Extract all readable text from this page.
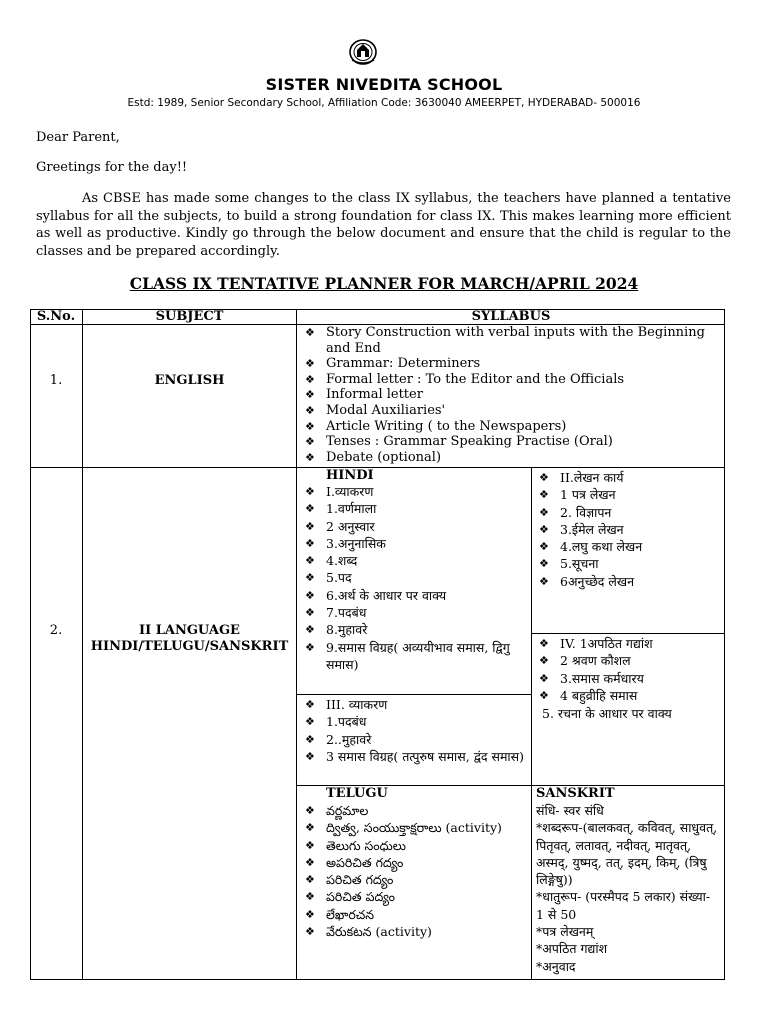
SISTER NIVEDITA SCHOOL
Estd: 1989, Senior Secondary School, Affiliation Code: 3630040 AMEERPET, HYDERABAD- 500016
Dear Parent,
Greetings for the day!!

As CBSE has made some changes to the class IX syllabus, the teachers have planned a tentative syllabus for all the subjects, to build a strong foundation for class IX. This makes learning more efficient as well as productive. Kindly go through the below document and ensure that the child is regular to the classes and be prepared accordingly.

CLASS IX TENTATIVE PLANNER FOR MARCH/APRIL 2024
S.No.	SUBJECT	SYLLABUS
1.	ENGLISH
❖ Story Construction with verbal inputs with the Beginning and End
❖ Grammar: Determiners
❖ Formal letter : To the Editor and the Officials
❖ Informal letter
❖ Modal Auxiliaries'
❖ Article Writing ( to the Newspapers)
❖ Tenses : Grammar Speaking Practise (Oral)
❖ Debate (optional)
2.	II LANGUAGE
HINDI/TELUGU/SANSKRIT
HINDI
❖ I.व्याकरण
❖ 1.वर्णमाला
❖ 2 अनुस्वार
❖ 3.अनुनासिक
❖ 4.शब्द
❖ 5.पद
❖ 6.अर्थ के आधार पर वाक्य
❖ 7.पदबंध
❖ 8.मुहावरे
❖ 9.समास विग्रह( अव्ययीभाव समास, द्विगु समास)
❖ II.लेखन कार्य
❖ 1 पत्र लेखन
❖ 2. विज्ञापन
❖ 3.ईमेल लेखन
❖ 4.लघु कथा लेखन
❖ 5.सूचना
❖ 6अनुच्छेद लेखन
❖ III. व्याकरण
❖ 1.पदबंध
❖ 2..मुहावरे
❖ 3 समास विग्रह( तत्पुरुष समास, द्वंद समास)
❖ IV. 1अपठित गद्यांश
❖ 2 श्रवण कौशल
❖ 3.समास कर्मधारय
❖ 4 बहुव्रीहि समास
5. रचना के आधार पर वाक्य
TELUGU
❖ వర్ణమాల
❖ ద్విత్వ, సంయుక్తాక్షరాలు (activity)
❖ తెలుగు సంధులు
❖ అపరిచిత గద్యం
❖ పరిచిత గద్యం
❖ పరిచిత పద్యం
❖ లేఖారచన
❖ వేరుకటన (activity)
SANSKRIT
संधि- स्वर संधि
*शब्दरूप-(बालकवत्, कविवत्, साधुवत्, पितृवत्, लतावत्, नदीवत्, मातृवत्, अस्मद्, युष्मद्, तत्, इदम्, किम्, (त्रिषु लिङ्गेषु))
*धातुरूप- (परस्मैपद 5 लकार) संख्या- 1 से 50
*पत्र लेखनम्
*अपठित गद्यांश
*अनुवाद
